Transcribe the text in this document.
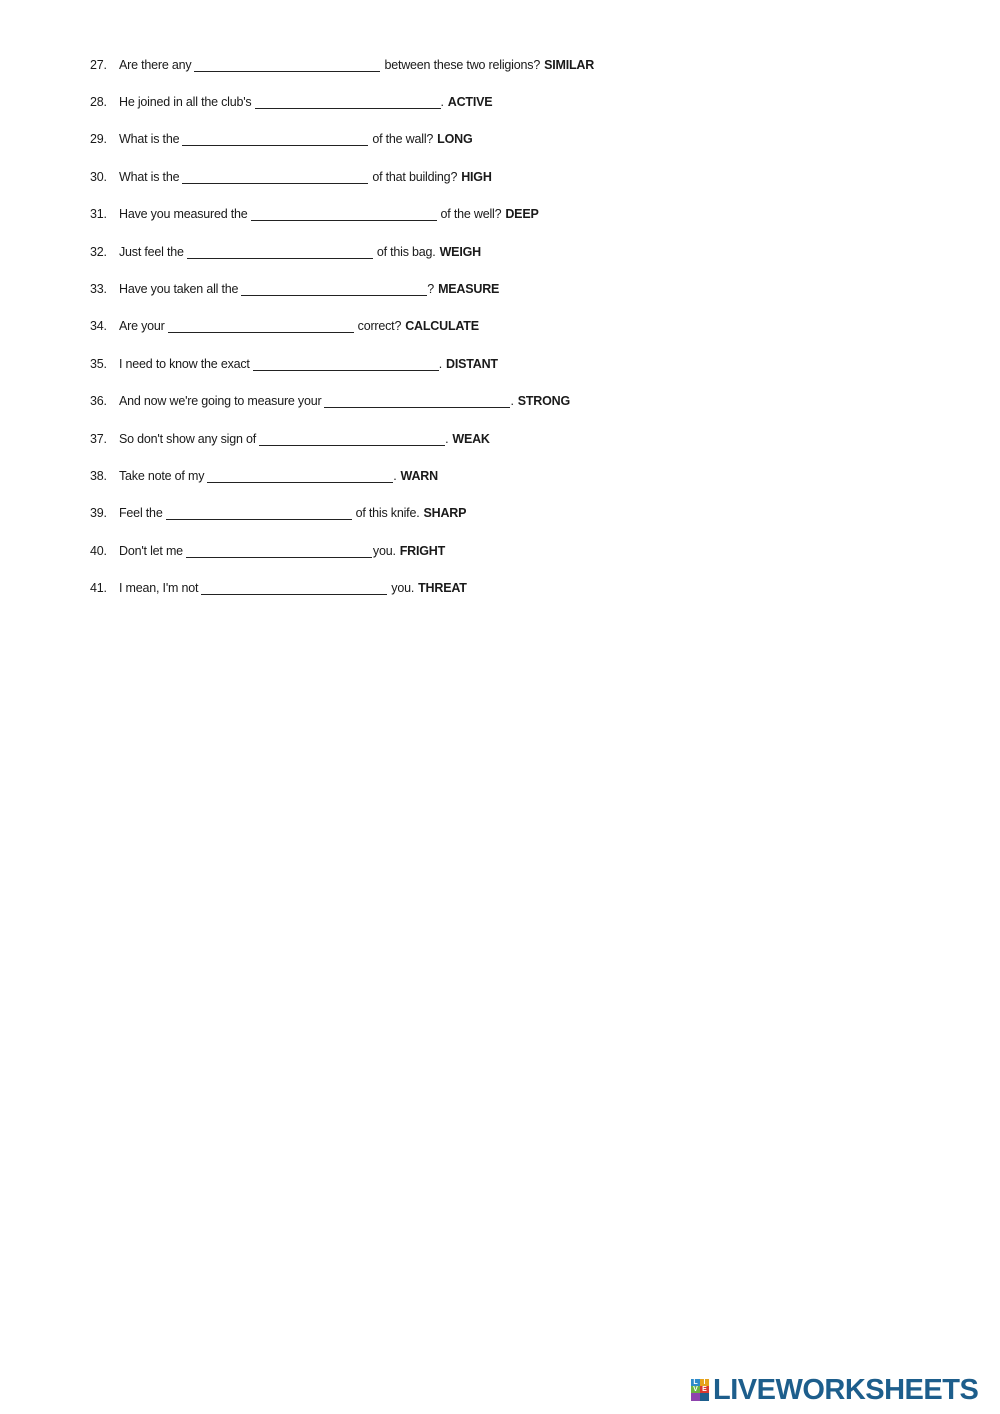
27. Are there any	between these two religions? SIMILAR
28. He joined in all the club's	. ACTIVE
29. What is the	of the wall? LONG
30. What is the	of that building? HIGH
31. Have you measured the	of the well? DEEP
32. Just feel the	of this bag. WEIGH
33. Have you taken all the	? MEASURE
34. Are your	correct? CALCULATE
35. I need to know the exact	. DISTANT
36. And now we're going to measure your	. STRONG
37. So don't show any sign of	. WEAK
38. Take note of my	. WARN
39. Feel the	of this knife. SHARP
40. Don't let me	you. FRIGHT
41. I mean, I'm not	you. THREAT
L I
V E LIVEWORKSHEETS
